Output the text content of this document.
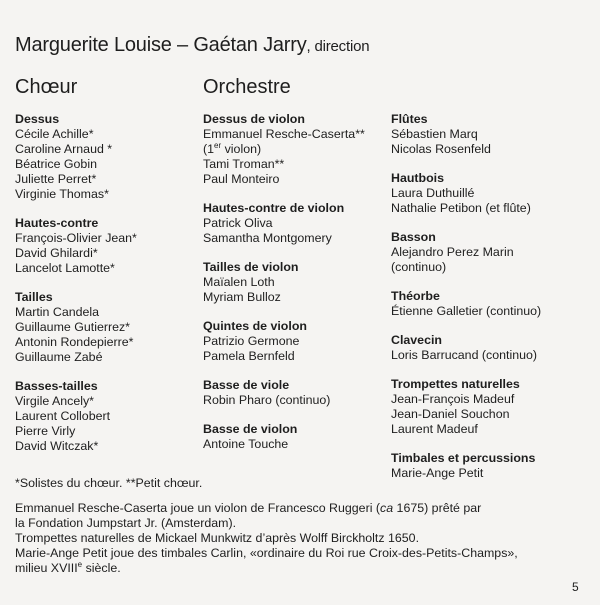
Marguerite Louise – Gaétan Jarry, direction
Chœur	Orchestre
Dessus
Cécile Achille*
Caroline Arnaud *
Béatrice Gobin
Juliette Perret*
Virginie Thomas*
Hautes-contre
François-Olivier Jean*
David Ghilardi*
Lancelot Lamotte*
Tailles
Martin Candela
Guillaume Gutierrez*
Antonin Rondepierre*
Guillaume Zabé
Basses-tailles
Virgile Ancely*
Laurent Collobert
Pierre Virly
David Witczak*
Dessus de violon
Emmanuel Resche-Caserta**
(1er violon)
Tami Troman**
Paul Monteiro
Hautes-contre de violon
Patrick Oliva
Samantha Montgomery
Tailles de violon
Maïalen Loth
Myriam Bulloz
Quintes de violon
Patrizio Germone
Pamela Bernfeld
Basse de viole
Robin Pharo (continuo)
Basse de violon
Antoine Touche
Flûtes
Sébastien Marq
Nicolas Rosenfeld
Hautbois
Laura Duthuillé
Nathalie Petibon (et flûte)
Basson
Alejandro Perez Marin
(continuo)
Théorbe
Étienne Galletier (continuo)
Clavecin
Loris Barrucand (continuo)
Trompettes naturelles
Jean-François Madeuf
Jean-Daniel Souchon
Laurent Madeuf
Timbales et percussions
Marie-Ange Petit
*Solistes du chœur. **Petit chœur.
Emmanuel Resche-Caserta joue un violon de Francesco Ruggeri (ca 1675) prêté par
la Fondation Jumpstart Jr. (Amsterdam).
Trompettes naturelles de Mickael Munkwitz d’après Wolff Birckholtz 1650.
Marie-Ange Petit joue des timbales Carlin, «ordinaire du Roi rue Croix-des-Petits-Champs»,
milieu XVIIIe siècle.
5
